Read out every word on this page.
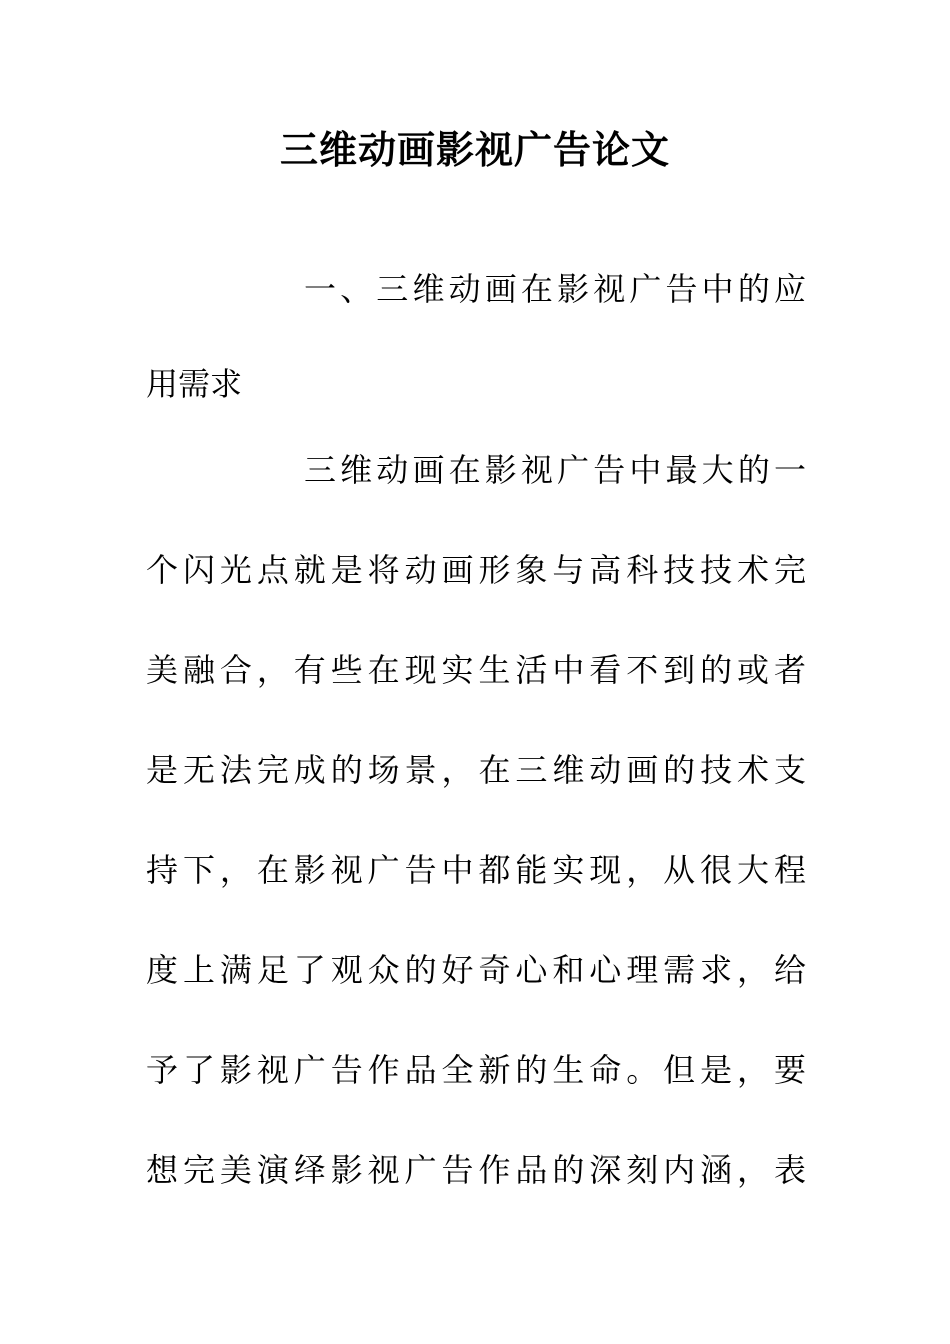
三维动画影视广告论文
一、三维动画在影视广告中的应
用需求
三维动画在影视广告中最大的一
个闪光点就是将动画形象与高科技技术完
美融合，有些在现实生活中看不到的或者
是无法完成的场景，在三维动画的技术支
持下，在影视广告中都能实现，从很大程
度上满足了观众的好奇心和心理需求，给
予了影视广告作品全新的生命。但是，要
想完美演绎影视广告作品的深刻内涵，表
